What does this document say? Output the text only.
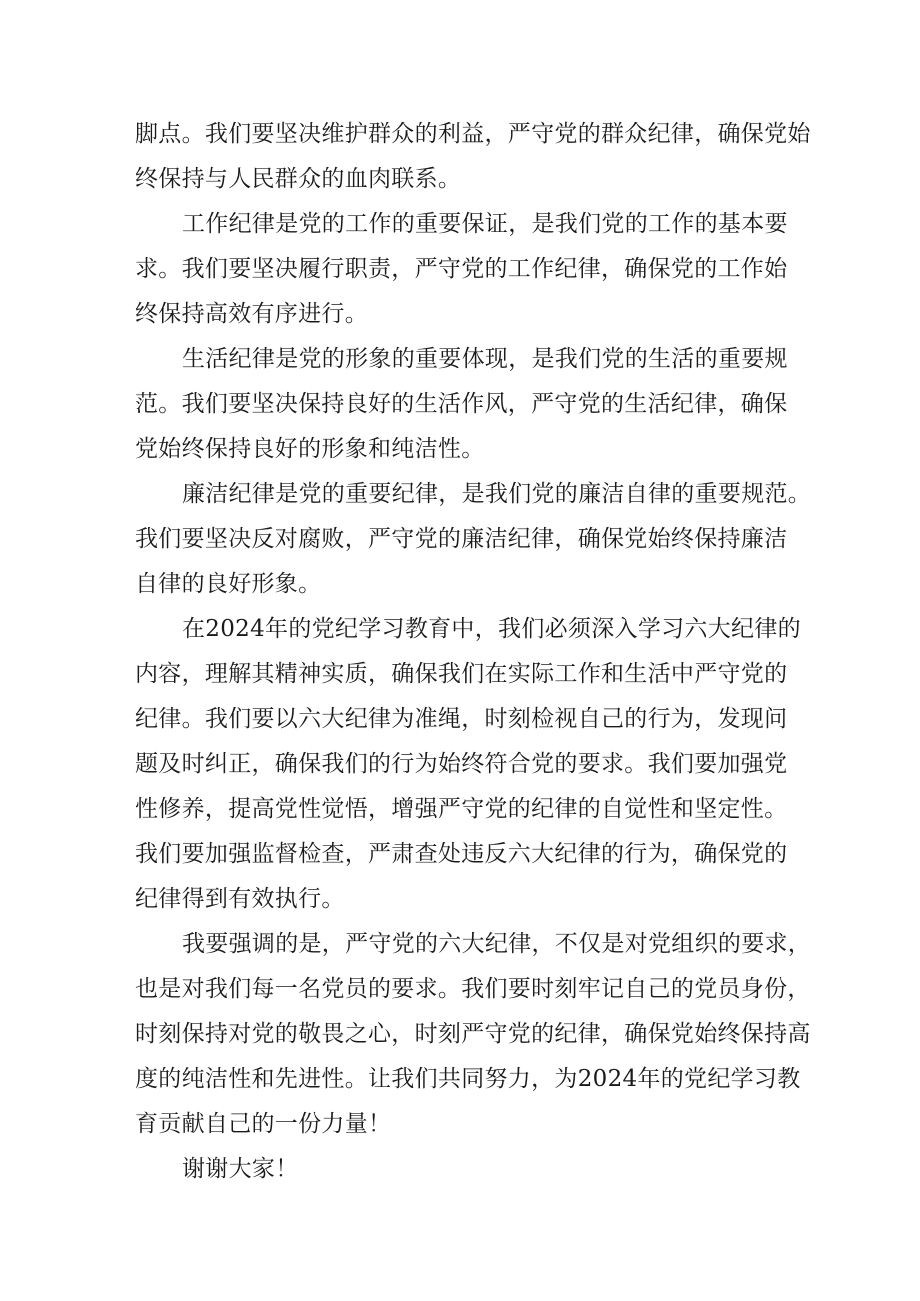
脚点。我们要坚决维护群众的利益，严守党的群众纪律，确保党始
终保持与人民群众的血肉联系。
工作纪律是党的工作的重要保证，是我们党的工作的基本要
求。我们要坚决履行职责，严守党的工作纪律，确保党的工作始
终保持高效有序进行。
生活纪律是党的形象的重要体现，是我们党的生活的重要规
范。我们要坚决保持良好的生活作风，严守党的生活纪律，确保
党始终保持良好的形象和纯洁性。
廉洁纪律是党的重要纪律，是我们党的廉洁自律的重要规范。
我们要坚决反对腐败，严守党的廉洁纪律，确保党始终保持廉洁
自律的良好形象。
在2024年的党纪学习教育中，我们必须深入学习六大纪律的
内容，理解其精神实质，确保我们在实际工作和生活中严守党的
纪律。我们要以六大纪律为准绳，时刻检视自己的行为，发现问
题及时纠正，确保我们的行为始终符合党的要求。我们要加强党
性修养，提高党性觉悟，增强严守党的纪律的自觉性和坚定性。
我们要加强监督检查，严肃查处违反六大纪律的行为，确保党的
纪律得到有效执行。
我要强调的是，严守党的六大纪律，不仅是对党组织的要求，
也是对我们每一名党员的要求。我们要时刻牢记自己的党员身份，
时刻保持对党的敬畏之心，时刻严守党的纪律，确保党始终保持高
度的纯洁性和先进性。让我们共同努力，为2024年的党纪学习教
育贡献自己的一份力量！
谢谢大家！
